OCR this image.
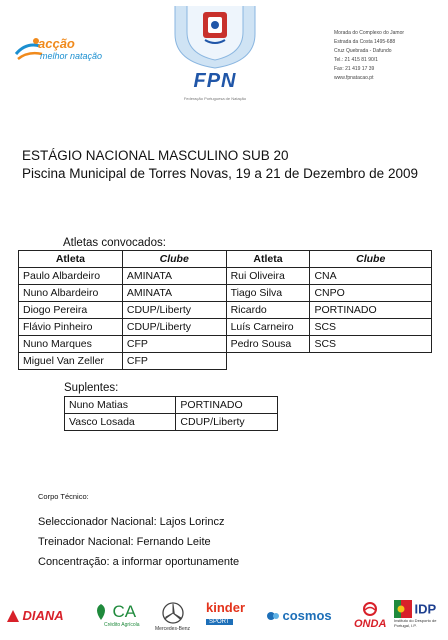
acção
melhor natação
FPN
Federação Portuguesa de Natação
Morada do Complexo do Jamor
Estrada da Costa 1495-688
Cruz Quebrada - Dafundo
Tel.: 21 415 81 90/1
Fax: 21 419 17 39
www.fpnatacao.pt
ESTÁGIO NACIONAL MASCULINO SUB 20
Piscina Municipal de Torres Novas, 19 a 21 de Dezembro de 2009
Atletas convocados:
Atleta	Clube	Atleta	Clube
Paulo Albardeiro	AMINATA	Rui Oliveira	CNA
Nuno Albardeiro	AMINATA	Tiago Silva	CNPO
Diogo Pereira	CDUP/Liberty	Ricardo	PORTINADO
Flávio Pinheiro	CDUP/Liberty	Luís Carneiro	SCS
Nuno Marques	CFP	Pedro Sousa	SCS
Miguel Van Zeller	CFP		
Suplentes:
Nuno Matias	PORTINADO
Vasco Losada	CDUP/Liberty
Corpo Técnico:
Seleccionador Nacional: Lajos Lorincz
Treinador Nacional: Fernando Leite
Concentração: a informar oportunamente
DIANA	CA
Crédito Agrícola
Mercedes-Benz
kinder
SPORT	cosmos
ONDA
IDP
Instituto do Desporto de Portugal, I.P.
